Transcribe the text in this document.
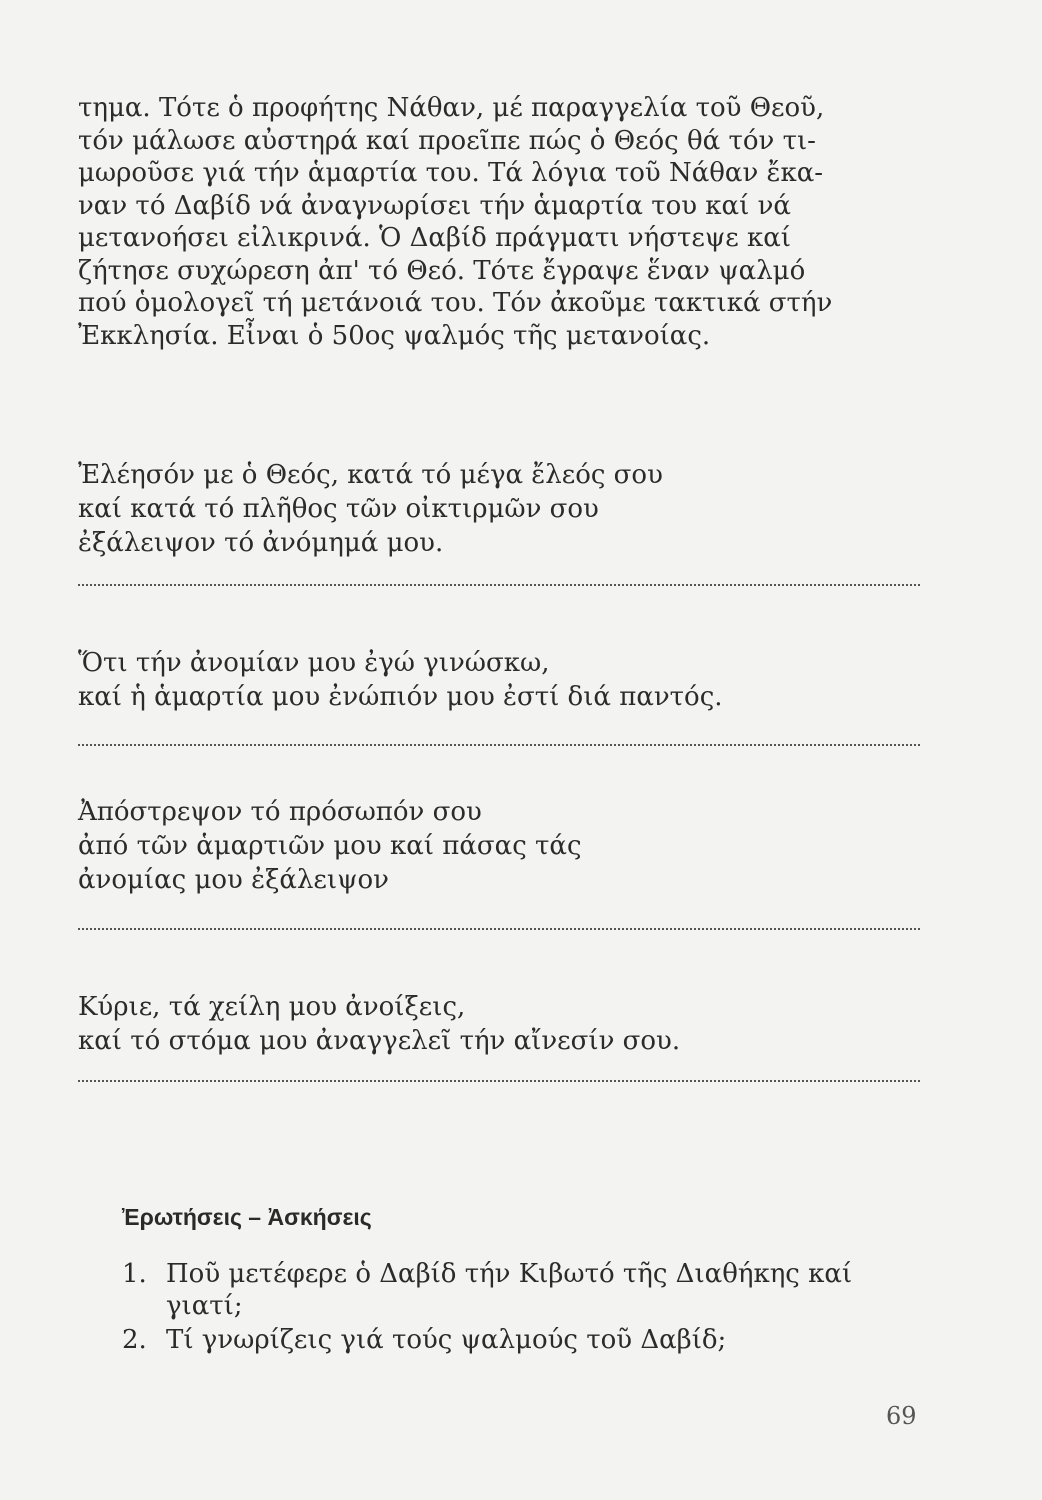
τημα. Τότε ὁ προφήτης Νάθαν, μέ παραγγελία τοῦ Θεοῦ,
τόν μάλωσε αὐστηρά καί προεῖπε πώς ὁ Θεός θά τόν τι-
μωροῦσε γιά τήν ἁμαρτία του. Τά λόγια τοῦ Νάθαν ἔκα-
ναν τό Δαβίδ νά ἀναγνωρίσει τήν ἁμαρτία του καί νά
μετανοήσει εἰλικρινά. Ὁ Δαβίδ πράγματι νήστεψε καί
ζήτησε συχώρεση ἀπ' τό Θεό. Τότε ἔγραψε ἕναν ψαλμό
πού ὁμολογεῖ τή μετάνοιά του. Τόν ἀκοῦμε τακτικά στήν
Ἐκκλησία. Εἶναι ὁ 50ος ψαλμός τῆς μετανοίας.

Ἐλέησόν με ὁ Θεός, κατά τό μέγα ἔλεός σου
καί κατά τό πλῆθος τῶν οἰκτιρμῶν σου
ἐξάλειψον τό ἀνόμημά μου.

Ὅτι τήν ἀνομίαν μου ἐγώ γινώσκω,
καί ἡ ἁμαρτία μου ἐνώπιόν μου ἐστί διά παντός.

Ἀπόστρεψον τό πρόσωπόν σου
ἀπό τῶν ἁμαρτιῶν μου καί πάσας τάς
ἀνομίας μου ἐξάλειψον

Κύριε, τά χείλη μου ἀνοίξεις,
καί τό στόμα μου ἀναγγελεῖ τήν αἴνεσίν σου.

Ἐρωτήσεις – Ἀσκήσεις
1. Ποῦ μετέφερε ὁ Δαβίδ τήν Κιβωτό τῆς Διαθήκης καί
γιατί;
2. Τί γνωρίζεις γιά τούς ψαλμούς τοῦ Δαβίδ;

69
